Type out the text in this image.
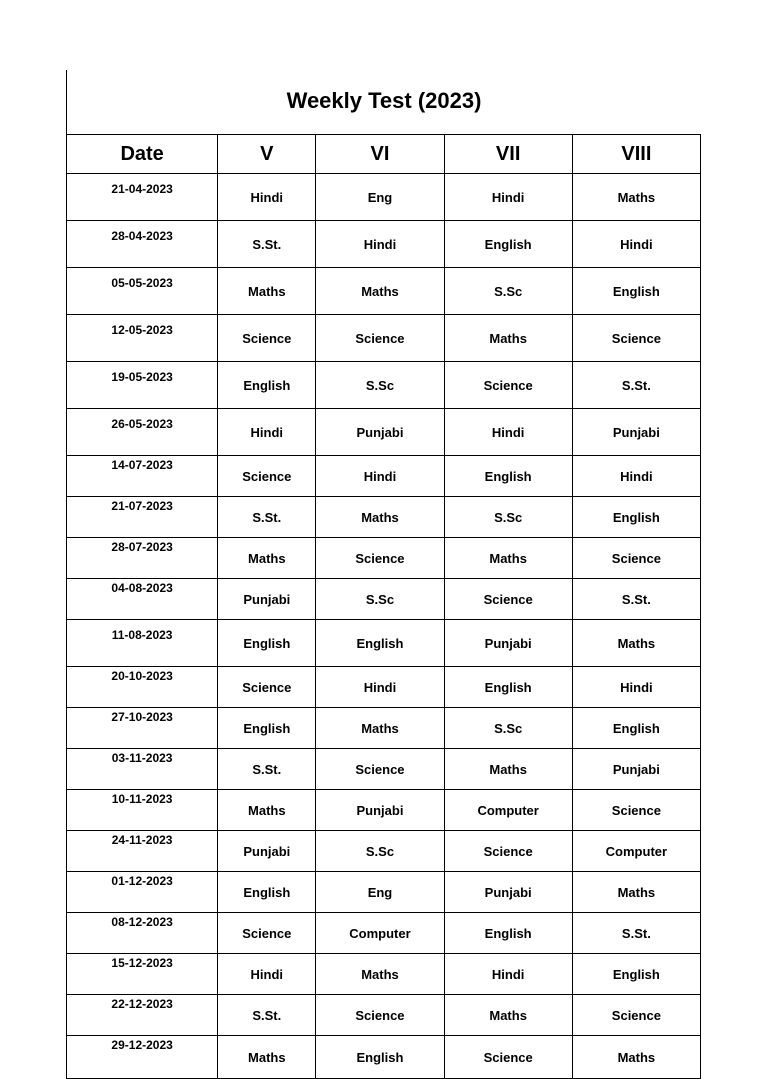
Weekly Test (2023)
Date	V	VI	VII	VIII
21-04-2023	Hindi	Eng	Hindi	Maths
28-04-2023	S.St.	Hindi	English	Hindi
05-05-2023	Maths	Maths	S.Sc	English
12-05-2023	Science	Science	Maths	Science
19-05-2023	English	S.Sc	Science	S.St.
26-05-2023	Hindi	Punjabi	Hindi	Punjabi
14-07-2023	Science	Hindi	English	Hindi
21-07-2023	S.St.	Maths	S.Sc	English
28-07-2023	Maths	Science	Maths	Science
04-08-2023	Punjabi	S.Sc	Science	S.St.
11-08-2023	English	English	Punjabi	Maths
20-10-2023	Science	Hindi	English	Hindi
27-10-2023	English	Maths	S.Sc	English
03-11-2023	S.St.	Science	Maths	Punjabi
10-11-2023	Maths	Punjabi	Computer	Science
24-11-2023	Punjabi	S.Sc	Science	Computer
01-12-2023	English	Eng	Punjabi	Maths
08-12-2023	Science	Computer	English	S.St.
15-12-2023	Hindi	Maths	Hindi	English
22-12-2023	S.St.	Science	Maths	Science
29-12-2023	Maths	English	Science	Maths
